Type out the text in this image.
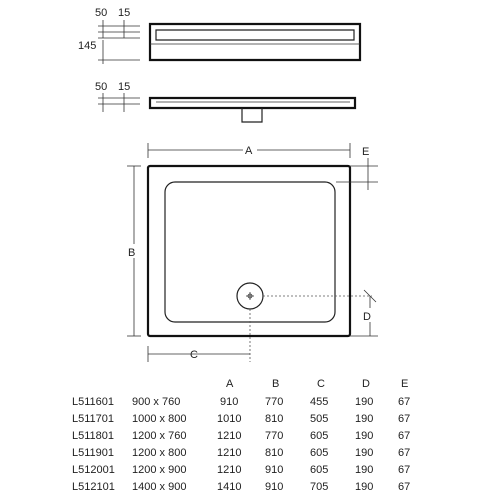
50 15
145
50 15
A
B
C
D
E
A	B	C	D	E
L511601 900 x 760	910 770 455 190 67
L511701 1000 x 800	1010 810 505 190 67
L511801 1200 x 760	1210 770 605 190 67
L511901 1200 x 800	1210 810 605 190 67
L512001 1200 x 900	1210 910 605 190 67
L512101 1400 x 900	1410 910 705 190 67
